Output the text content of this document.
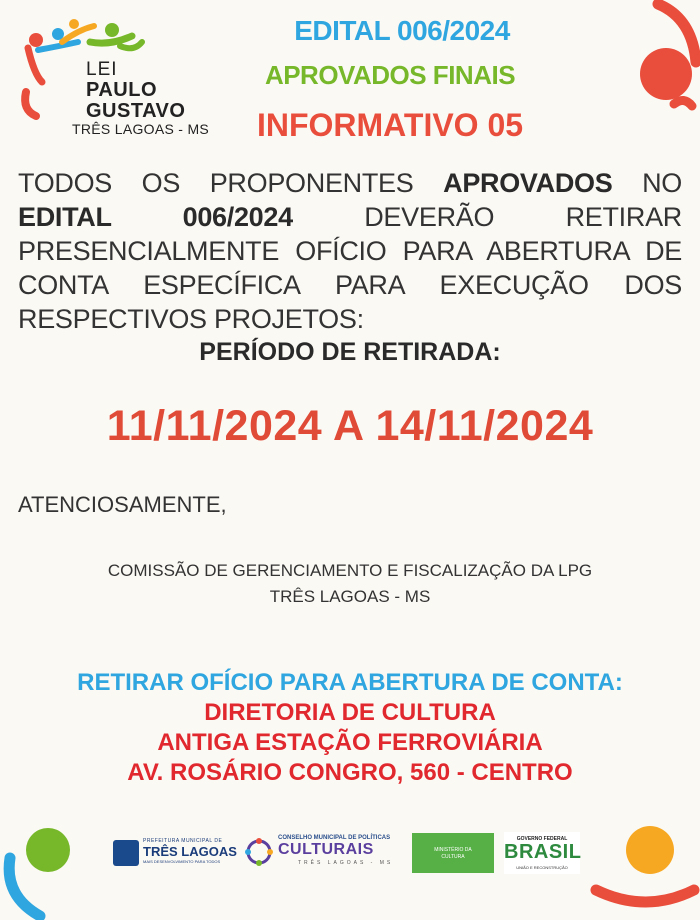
LEI
PAULO
GUSTAVO
TRÊS LAGOAS - MS
EDITAL 006/2024
APROVADOS FINAIS
INFORMATIVO 05
TODOS OS PROPONENTES APROVADOS NO EDITAL 006/2024 DEVERÃO RETIRAR PRESENCIALMENTE OFÍCIO PARA ABERTURA DE CONTA ESPECÍFICA PARA EXECUÇÃO DOS RESPECTIVOS PROJETOS:
PERÍODO DE RETIRADA:
11/11/2024 A 14/11/2024
ATENCIOSAMENTE,
COMISSÃO DE GERENCIAMENTO E FISCALIZAÇÃO DA LPG
TRÊS LAGOAS - MS
RETIRAR OFÍCIO PARA ABERTURA DE CONTA:
DIRETORIA DE CULTURA
ANTIGA ESTAÇÃO FERROVIÁRIA
AV. ROSÁRIO CONGRO, 560 - CENTRO
PREFEITURA MUNICIPAL DE
TRÊS LAGOAS
MAIS DESENVOLVIMENTO PARA TODOS
CONSELHO MUNICIPAL DE POLÍTICAS
CULTURAIS
TRÊS LAGOAS - MS
MINISTÉRIO DA
CULTURA
GOVERNO FEDERAL
BRASIL
UNIÃO E RECONSTRUÇÃO
